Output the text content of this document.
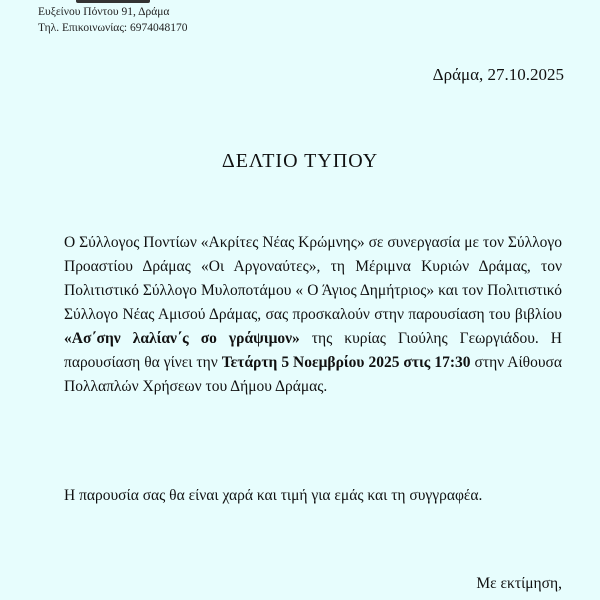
Ευξείνου Πόντου 91, Δράμα
Τηλ. Επικοινωνίας: 6974048170
Δράμα, 27.10.2025
ΔΕΛΤΙΟ ΤΥΠΟΥ

Ο Σύλλογος Ποντίων «Ακρίτες Νέας Κρώμνης» σε συνεργασία με τον Σύλλογο Προαστίου Δράμας «Οι Αργοναύτες», τη Μέριμνα Κυριών Δράμας, τον Πολιτιστικό Σύλλογο Μυλοποτάμου « Ο Άγιος Δημήτριος» και τον Πολιτιστικό Σύλλογο Νέας Αμισού Δράμας, σας προσκαλούν στην παρουσίαση του βιβλίου «Ασ΄σην λαλίαν΄ς σο γράψιμον» της κυρίας Γιούλης Γεωργιάδου. Η παρουσίαση θα γίνει την Τετάρτη 5 Νοεμβρίου 2025 στις 17:30 στην Αίθουσα Πολλαπλών Χρήσεων του Δήμου Δράμας.

Η παρουσία σας θα είναι χαρά και τιμή για εμάς και τη συγγραφέα.
Με εκτίμηση,
